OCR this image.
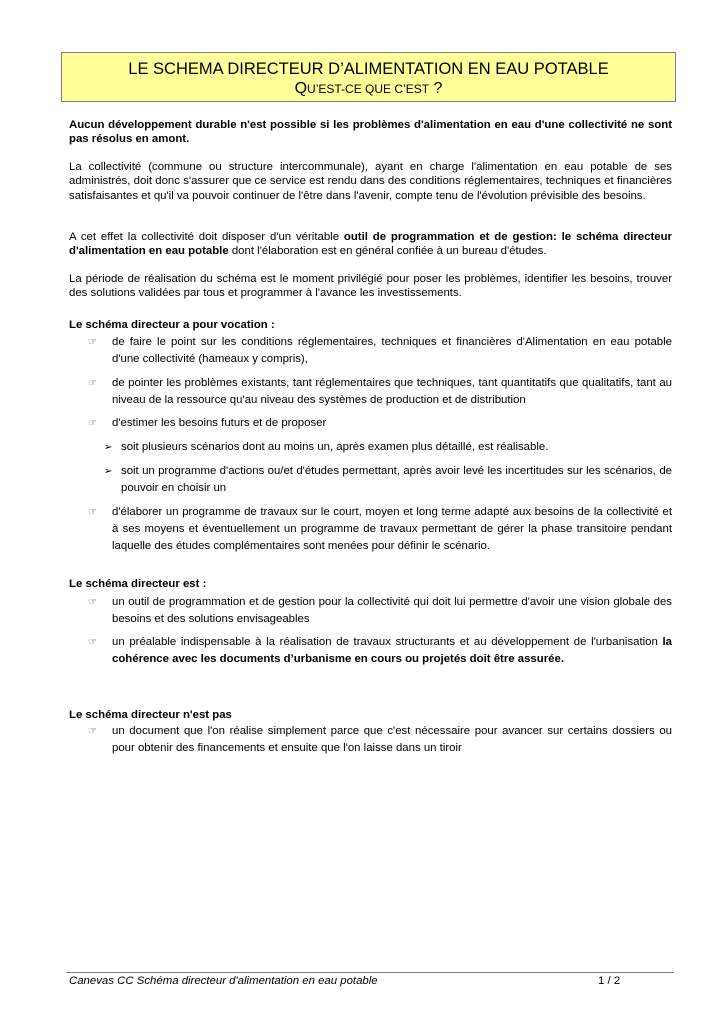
LE SCHEMA DIRECTEUR D’ALIMENTATION EN EAU POTABLE
QU’EST-CE QUE C’EST ?
Aucun développement durable n'est possible si les problèmes d'alimentation en eau d'une collectivité ne sont pas résolus en amont.
La collectivité (commune ou structure intercommunale), ayant en charge l'alimentation en eau potable de ses administrés, doit donc s'assurer que ce service est rendu dans des conditions réglementaires, techniques et financières satisfaisantes et qu'il va pouvoir continuer de l'être dans l'avenir, compte tenu de l'évolution prévisible des besoins.
A cet effet la collectivité doit disposer d'un véritable outil de programmation et de gestion: le schéma directeur d'alimentation en eau potable dont l'élaboration est en général confiée à un bureau d'études.
La période de réalisation du schéma est le moment privilégié pour poser les problèmes, identifier les besoins, trouver des solutions validées par tous et programmer à l'avance les investissements.
Le schéma directeur a pour vocation :
☞	de faire le point sur les conditions réglementaires, techniques et financières d'Alimentation en eau potable d'une collectivité (hameaux y compris),
☞	de pointer les problèmes existants, tant réglementaires que techniques, tant quantitatifs que qualitatifs, tant au niveau de la ressource qu'au niveau des systèmes de production et de distribution
☞	d'estimer les besoins futurs et de proposer
➢ soit plusieurs scénarios dont au moins un, après examen plus détaillé, est réalisable.
➢ soit un programme d'actions ou/et d'études permettant, après avoir levé les incertitudes sur les scénarios, de pouvoir en choisir un
☞	d'élaborer un programme de travaux sur le court, moyen et long terme adapté aux besoins de la collectivité et à ses moyens et éventuellement un programme de travaux permettant de gérer la phase transitoire pendant laquelle des études complémentaires sont menées pour définir le scénario.
Le schéma directeur est :
☞	un outil de programmation et de gestion pour la collectivité qui doit lui permettre d'avoir une vision globale des besoins et des solutions envisageables
☞	un préalable indispensable à la réalisation de travaux structurants et au développement de l'urbanisation la cohérence avec les documents d’urbanisme en cours ou projetés doit être assurée.
Le schéma directeur n'est pas
☞	un document que l'on réalise simplement parce que c'est nécessaire pour avancer sur certains dossiers ou pour obtenir des financements et ensuite que l'on laisse dans un tiroir
Canevas CC Schéma directeur d'alimentation en eau potable	1 / 2
